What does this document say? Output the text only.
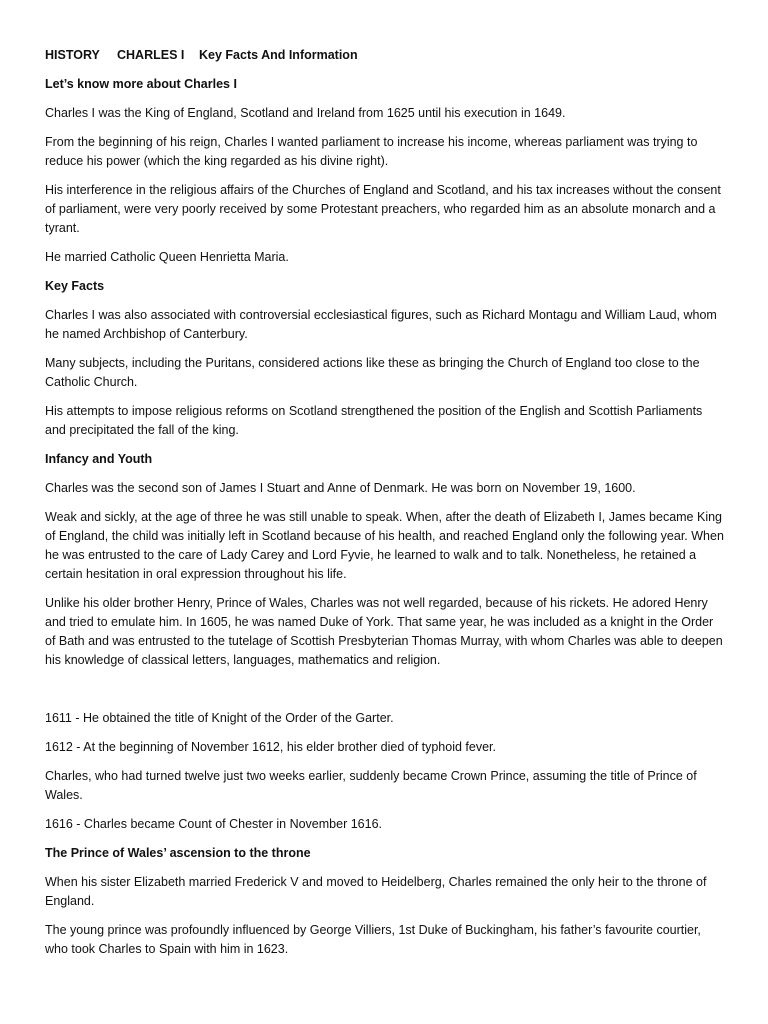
HISTORY CHARLES I Key Facts And Information
Let’s know more about Charles I

Charles I was the King of England, Scotland and Ireland from 1625 until his execution in 1649.

From the beginning of his reign, Charles I wanted parliament to increase his income, whereas parliament was trying to reduce his power (which the king regarded as his divine right).

His interference in the religious affairs of the Churches of England and Scotland, and his tax increases without the consent of parliament, were very poorly received by some Protestant preachers, who regarded him as an absolute monarch and a tyrant.

He married Catholic Queen Henrietta Maria.

Key Facts

Charles I was also associated with controversial ecclesiastical figures, such as Richard Montagu and William Laud, whom he named Archbishop of Canterbury.

Many subjects, including the Puritans, considered actions like these as bringing the Church of England too close to the Catholic Church.

His attempts to impose religious reforms on Scotland strengthened the position of the English and Scottish Parliaments and precipitated the fall of the king.

Infancy and Youth

Charles was the second son of James I Stuart and Anne of Denmark. He was born on November 19, 1600.

Weak and sickly, at the age of three he was still unable to speak. When, after the death of Elizabeth I, James became King of England, the child was initially left in Scotland because of his health, and reached England only the following year. When he was entrusted to the care of Lady Carey and Lord Fyvie, he learned to walk and to talk. Nonetheless, he retained a certain hesitation in oral expression throughout his life.

Unlike his older brother Henry, Prince of Wales, Charles was not well regarded, because of his rickets. He adored Henry and tried to emulate him. In 1605, he was named Duke of York. That same year, he was included as a knight in the Order of Bath and was entrusted to the tutelage of Scottish Presbyterian Thomas Murray, with whom Charles was able to deepen his knowledge of classical letters, languages, mathematics and religion.

1611 - He obtained the title of Knight of the Order of the Garter.

1612 - At the beginning of November 1612, his elder brother died of typhoid fever.

Charles, who had turned twelve just two weeks earlier, suddenly became Crown Prince, assuming the title of Prince of Wales.

1616 - Charles became Count of Chester in November 1616.

The Prince of Wales’ ascension to the throne

When his sister Elizabeth married Frederick V and moved to Heidelberg, Charles remained the only heir to the throne of England.

The young prince was profoundly influenced by George Villiers, 1st Duke of Buckingham, his father’s favourite courtier, who took Charles to Spain with him in 1623.
